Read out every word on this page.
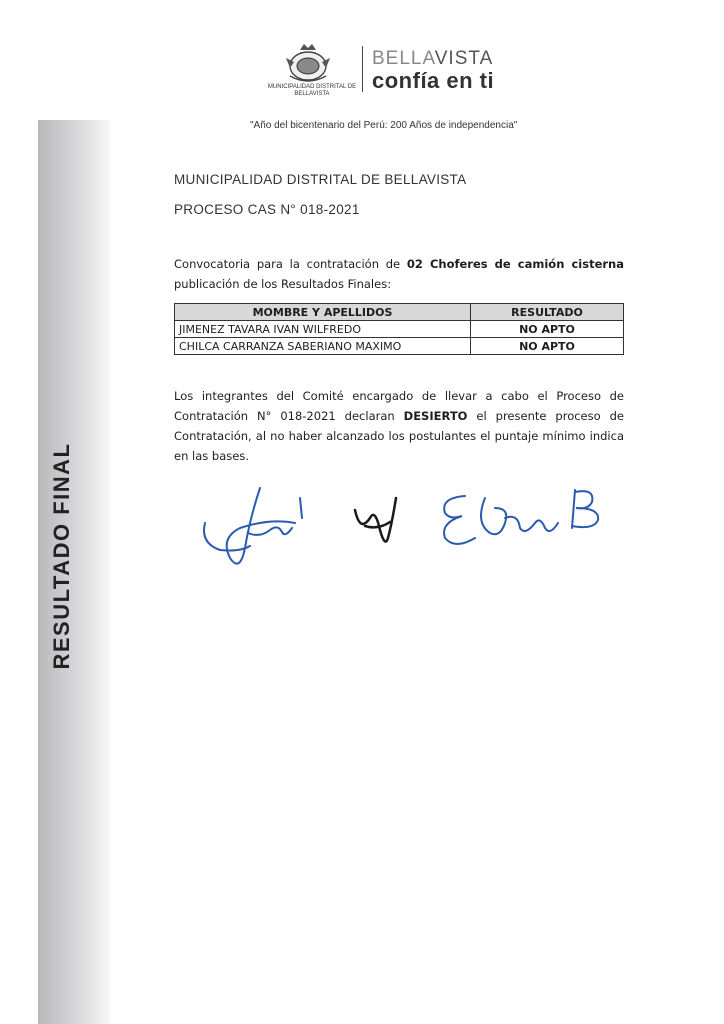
RESULTADO FINAL
MUNICIPALIDAD DISTRITAL DE BELLAVISTA
BELLAVISTA
confía en ti
"Año del bicentenario del Perú: 200 Años de independencia"
MUNICIPALIDAD DISTRITAL DE BELLAVISTA
PROCESO CAS N° 018-2021
Convocatoria para la contratación de 02 Choferes de camión cisterna publicación de los Resultados Finales:
MOMBRE Y APELLIDOS	RESULTADO
JIMENEZ TAVARA IVAN WILFREDO	NO APTO
CHILCA CARRANZA SABERIANO MAXIMO	NO APTO
Los integrantes del Comité encargado de llevar a cabo el Proceso de Contratación N° 018-2021 declaran DESIERTO el presente proceso de Contratación, al no haber alcanzado los postulantes el puntaje mínimo indica en las bases.
